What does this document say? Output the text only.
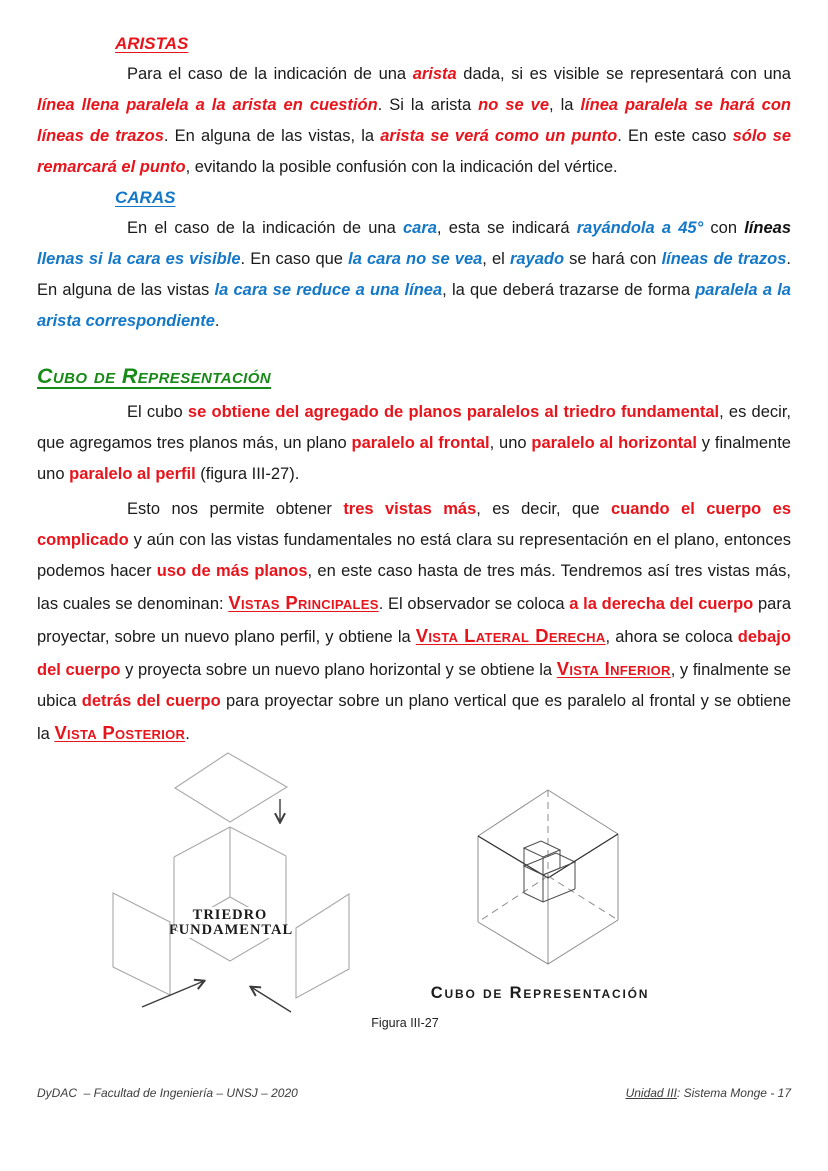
ARISTAS

Para el caso de la indicación de una arista dada, si es visible se representará con una línea llena paralela a la arista en cuestión. Si la arista no se ve, la línea paralela se hará con líneas de trazos. En alguna de las vistas, la arista se verá como un punto. En este caso sólo se remarcará el punto, evitando la posible confusión con la indicación del vértice.

CARAS

En el caso de la indicación de una cara, esta se indicará rayándola a 45° con líneas llenas si la cara es visible. En caso que la cara no se vea, el rayado se hará con líneas de trazos. En alguna de las vistas la cara se reduce a una línea, la que deberá trazarse de forma paralela a la arista correspondiente.

Cubo de Representación

El cubo se obtiene del agregado de planos paralelos al triedro fundamental, es decir, que agregamos tres planos más, un plano paralelo al frontal, uno paralelo al horizontal y finalmente uno paralelo al perfil (figura III-27).

Esto nos permite obtener tres vistas más, es decir, que cuando el cuerpo es complicado y aún con las vistas fundamentales no está clara su representación en el plano, entonces podemos hacer uso de más planos, en este caso hasta de tres más. Tendremos así tres vistas más, las cuales se denominan: Vistas Principales. El observador se coloca a la derecha del cuerpo para proyectar, sobre un nuevo plano perfil, y obtiene la Vista Lateral Derecha, ahora se coloca debajo del cuerpo y proyecta sobre un nuevo plano horizontal y se obtiene la Vista Inferior, y finalmente se ubica detrás del cuerpo para proyectar sobre un plano vertical que es paralelo al frontal y se obtiene la Vista Posterior.

TRIEDRO
FUNDAMENTAL
Cubo de Representación
Figura III-27
DyDAC  – Facultad de Ingeniería – UNSJ – 2020	Unidad III: Sistema Monge - 17
